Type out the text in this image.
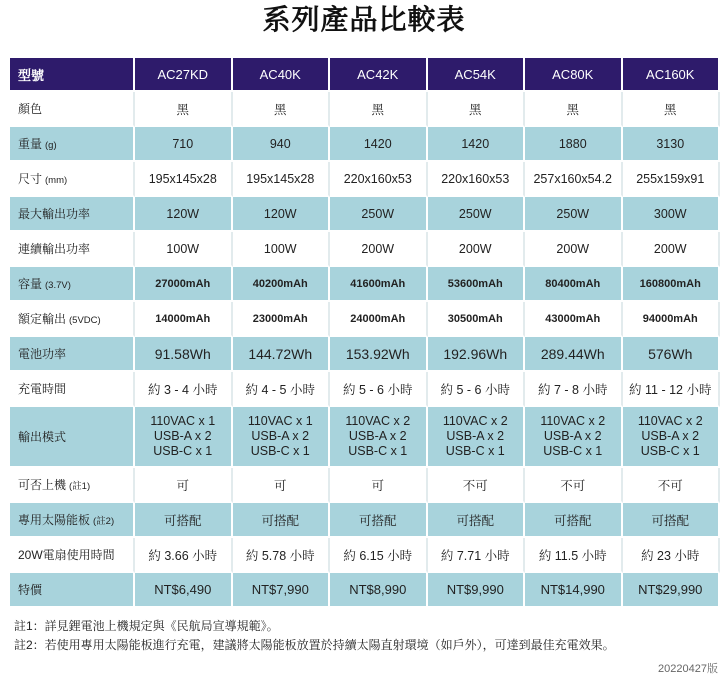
系列產品比較表
型號	AC27KD	AC40K	AC42K	AC54K	AC80K	AC160K
顏色	黑	黑	黑	黑	黑	黑
重量 (g)	710	940	1420	1420	1880	3130
尺寸 (mm)	195x145x28	195x145x28	220x160x53	220x160x53	257x160x54.2	255x159x91
最大輸出功率	120W	120W	250W	250W	250W	300W
連續輸出功率	100W	100W	200W	200W	200W	200W
容量 (3.7V)	27000mAh	40200mAh	41600mAh	53600mAh	80400mAh	160800mAh
額定輸出 (5VDC)	14000mAh	23000mAh	24000mAh	30500mAh	43000mAh	94000mAh
電池功率	91.58Wh	144.72Wh	153.92Wh	192.96Wh	289.44Wh	576Wh
充電時間	約 3 - 4 小時	約 4 - 5 小時	約 5 - 6 小時	約 5 - 6 小時	約 7 - 8 小時	約 11 - 12 小時
輸出模式	110VAC x 1
USB-A x 2
USB-C x 1	110VAC x 1
USB-A x 2
USB-C x 1	110VAC x 2
USB-A x 2
USB-C x 1	110VAC x 2
USB-A x 2
USB-C x 1	110VAC x 2
USB-A x 2
USB-C x 1	110VAC x 2
USB-A x 2
USB-C x 1

可否上機 (註1)	可	可	可	不可	不可	不可
專用太陽能板 (註2)	可搭配	可搭配	可搭配	可搭配	可搭配	可搭配
20W電扇使用時間	約 3.66 小時	約 5.78 小時	約 6.15 小時	約 7.71 小時	約 11.5 小時	約 23 小時
特價	NT$6,490	NT$7,990	NT$8,990	NT$9,990	NT$14,990	NT$29,990
註1：詳見鋰電池上機規定與《民航局宣導規範》。
註2：若使用專用太陽能板進行充電，建議將太陽能板放置於持續太陽直射環境（如戶外），可達到最佳充電效果。
20220427版
